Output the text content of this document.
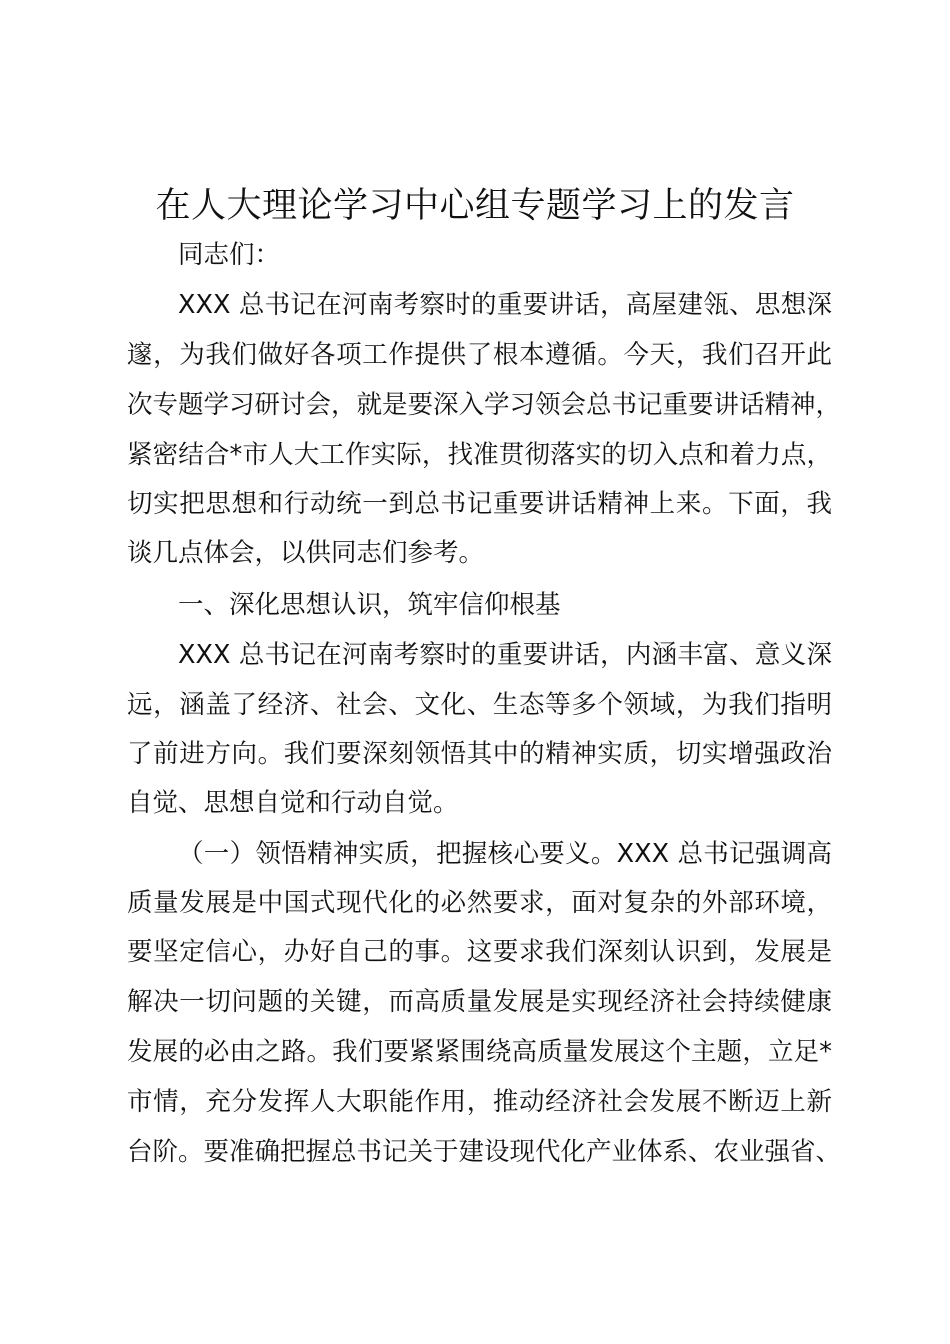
在人大理论学习中心组专题学习上的发言

同志们：

XXX 总书记在河南考察时的重要讲话，高屋建瓴、思想深

邃，为我们做好各项工作提供了根本遵循。今天，我们召开此

次专题学习研讨会，就是要深入学习领会总书记重要讲话精神，

紧密结合*市人大工作实际，找准贯彻落实的切入点和着力点，

切实把思想和行动统一到总书记重要讲话精神上来。下面，我

谈几点体会，以供同志们参考。

一、深化思想认识，筑牢信仰根基

XXX 总书记在河南考察时的重要讲话，内涵丰富、意义深

远，涵盖了经济、社会、文化、生态等多个领域，为我们指明

了前进方向。我们要深刻领悟其中的精神实质，切实增强政治

自觉、思想自觉和行动自觉。

（一）领悟精神实质，把握核心要义。XXX 总书记强调高

质量发展是中国式现代化的必然要求，面对复杂的外部环境，

要坚定信心，办好自己的事。这要求我们深刻认识到，发展是

解决一切问题的关键，而高质量发展是实现经济社会持续健康

发展的必由之路。我们要紧紧围绕高质量发展这个主题，立足*

市情，充分发挥人大职能作用，推动经济社会发展不断迈上新

台阶。要准确把握总书记关于建设现代化产业体系、农业强省、
